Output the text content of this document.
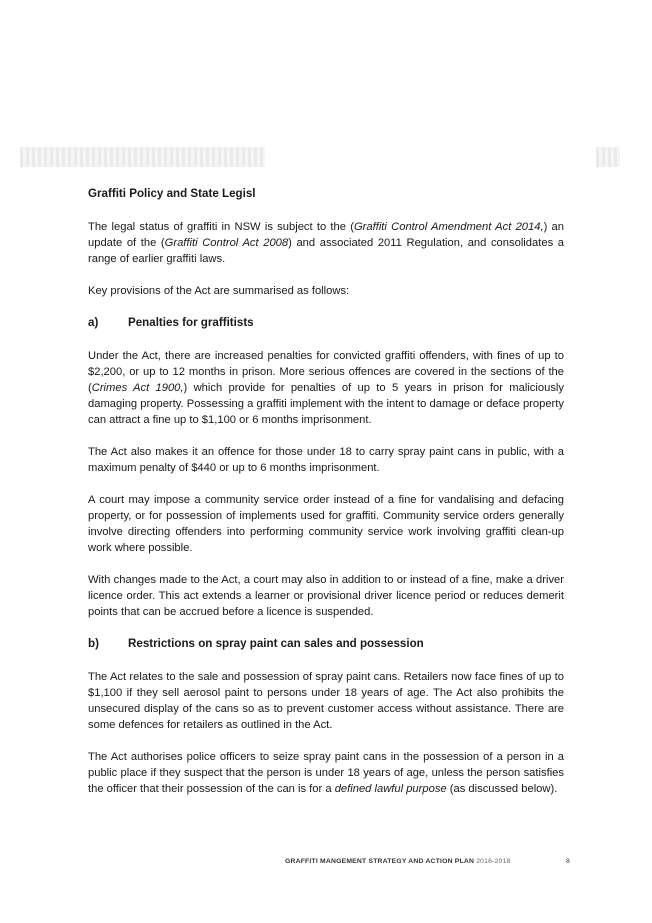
Graffiti Policy and State Legisl

The legal status of graffiti in NSW is subject to the (Graffiti Control Amendment Act 2014,) an update of the (Graffiti Control Act 2008) and associated 2011 Regulation, and consolidates a range of earlier graffiti laws.

Key provisions of the Act are summarised as follows:

a)	Penalties for graffitists

Under the Act, there are increased penalties for convicted graffiti offenders, with fines of up to $2,200, or up to 12 months in prison. More serious offences are covered in the sections of the (Crimes Act 1900,) which provide for penalties of up to 5 years in prison for maliciously damaging property. Possessing a graffiti implement with the intent to damage or deface property can attract a fine up to $1,100 or 6 months imprisonment.

The Act also makes it an offence for those under 18 to carry spray paint cans in public, with a maximum penalty of $440 or up to 6 months imprisonment.

A court may impose a community service order instead of a fine for vandalising and defacing property, or for possession of implements used for graffiti. Community service orders generally involve directing offenders into performing community service work involving graffiti clean-up work where possible.

With changes made to the Act, a court may also in addition to or instead of a fine, make a driver licence order. This act extends a learner or provisional driver licence period or reduces demerit points that can be accrued before a licence is suspended.

b)	Restrictions on spray paint can sales and possession

The Act relates to the sale and possession of spray paint cans. Retailers now face fines of up to $1,100 if they sell aerosol paint to persons under 18 years of age. The Act also prohibits the unsecured display of the cans so as to prevent customer access without assistance. There are some defences for retailers as outlined in the Act.

The Act authorises police officers to seize spray paint cans in the possession of a person in a public place if they suspect that the person is under 18 years of age, unless the person satisfies the officer that their possession of the can is for a defined lawful purpose (as discussed below).

GRAFFITI MANGEMENT STRATEGY AND ACTION PLAN 2016-2018	8
